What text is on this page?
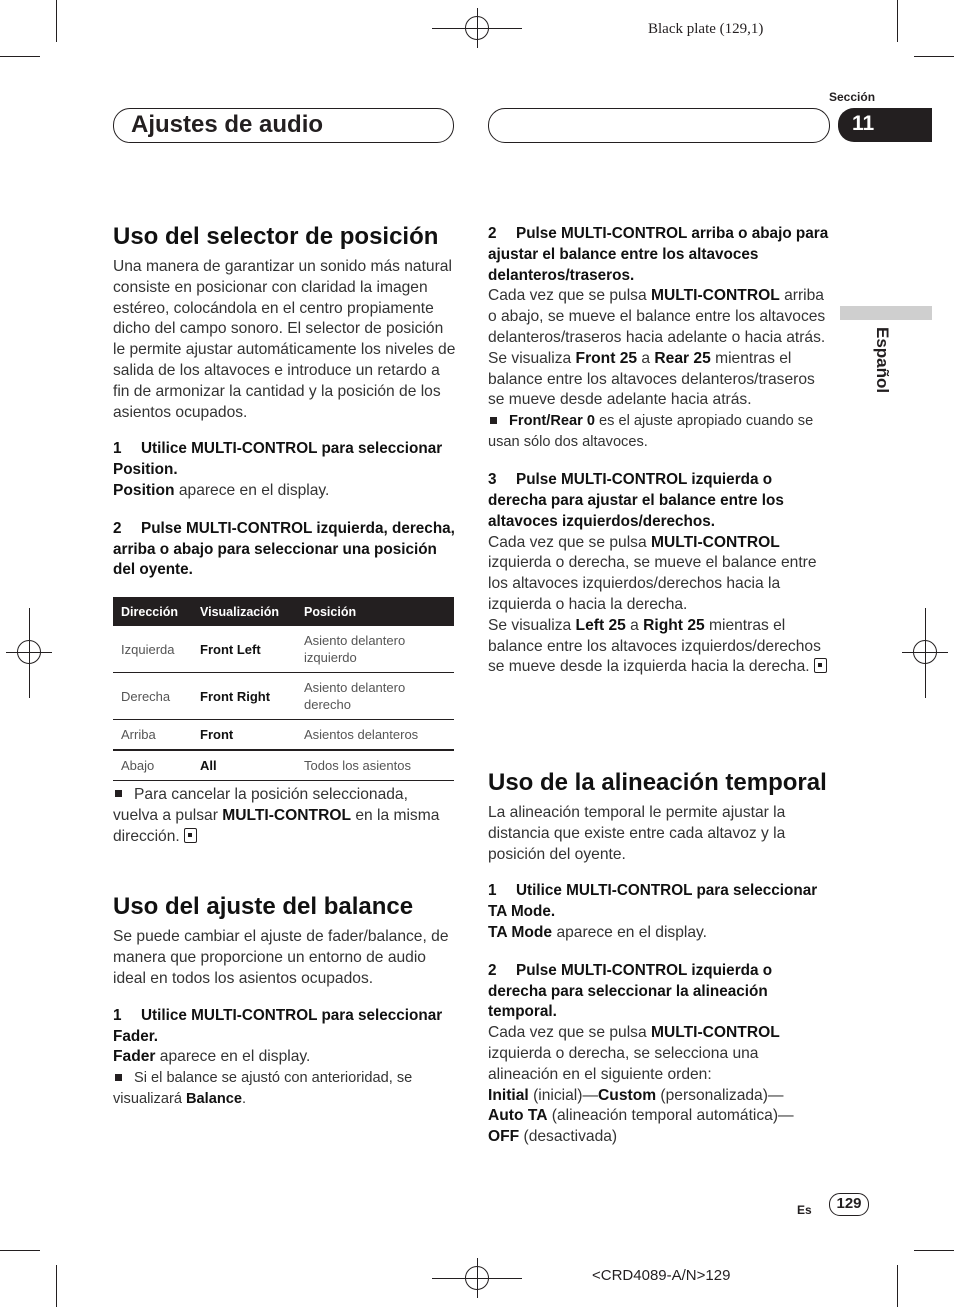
Black plate (129,1)
Sección
Ajustes de audio	11
Español
Uso del selector de posición
Una manera de garantizar un sonido más natural consiste en posicionar con claridad la imagen estéreo, colocándola en el centro propiamente dicho del campo sonoro. El selector de posición le permite ajustar automáticamente los niveles de salida de los altavoces e introduce un retardo a fin de armonizar la cantidad y la posición de los asientos ocupados.
1 Utilice MULTI-CONTROL para seleccionar Position.
Position aparece en el display.
2 Pulse MULTI-CONTROL izquierda, derecha, arriba o abajo para seleccionar una posición del oyente.
Dirección	Visualización	Posición
Izquierda	Front Left	Asiento delantero izquierdo
Derecha	Front Right	Asiento delantero derecho
Arriba	Front	Asientos delanteros
Abajo	All	Todos los asientos
Para cancelar la posición seleccionada, vuelva a pulsar MULTI-CONTROL en la misma dirección.
Uso del ajuste del balance
Se puede cambiar el ajuste de fader/balance, de manera que proporcione un entorno de audio ideal en todos los asientos ocupados.
1 Utilice MULTI-CONTROL para seleccionar Fader.
Fader aparece en el display.
Si el balance se ajustó con anterioridad, se visualizará Balance.
2 Pulse MULTI-CONTROL arriba o abajo para ajustar el balance entre los altavoces delanteros/traseros.
Cada vez que se pulsa MULTI-CONTROL arriba o abajo, se mueve el balance entre los altavoces delanteros/traseros hacia adelante o hacia atrás.
Se visualiza Front 25 a Rear 25 mientras el balance entre los altavoces delanteros/traseros se mueve desde adelante hacia atrás.
Front/Rear 0 es el ajuste apropiado cuando se usan sólo dos altavoces.
3 Pulse MULTI-CONTROL izquierda o derecha para ajustar el balance entre los altavoces izquierdos/derechos.
Cada vez que se pulsa MULTI-CONTROL izquierda o derecha, se mueve el balance entre los altavoces izquierdos/derechos hacia la izquierda o hacia la derecha.
Se visualiza Left 25 a Right 25 mientras el balance entre los altavoces izquierdos/derechos se mueve desde la izquierda hacia la derecha.
Uso de la alineación temporal
La alineación temporal le permite ajustar la distancia que existe entre cada altavoz y la posición del oyente.
1 Utilice MULTI-CONTROL para seleccionar TA Mode.
TA Mode aparece en el display.
2 Pulse MULTI-CONTROL izquierda o derecha para seleccionar la alineación temporal.
Cada vez que se pulsa MULTI-CONTROL izquierda o derecha, se selecciona una alineación en el siguiente orden:
Initial (inicial)—Custom (personalizada)—
Auto TA (alineación temporal automática)—
OFF (desactivada)
Es	129
<CRD4089-A/N>129
